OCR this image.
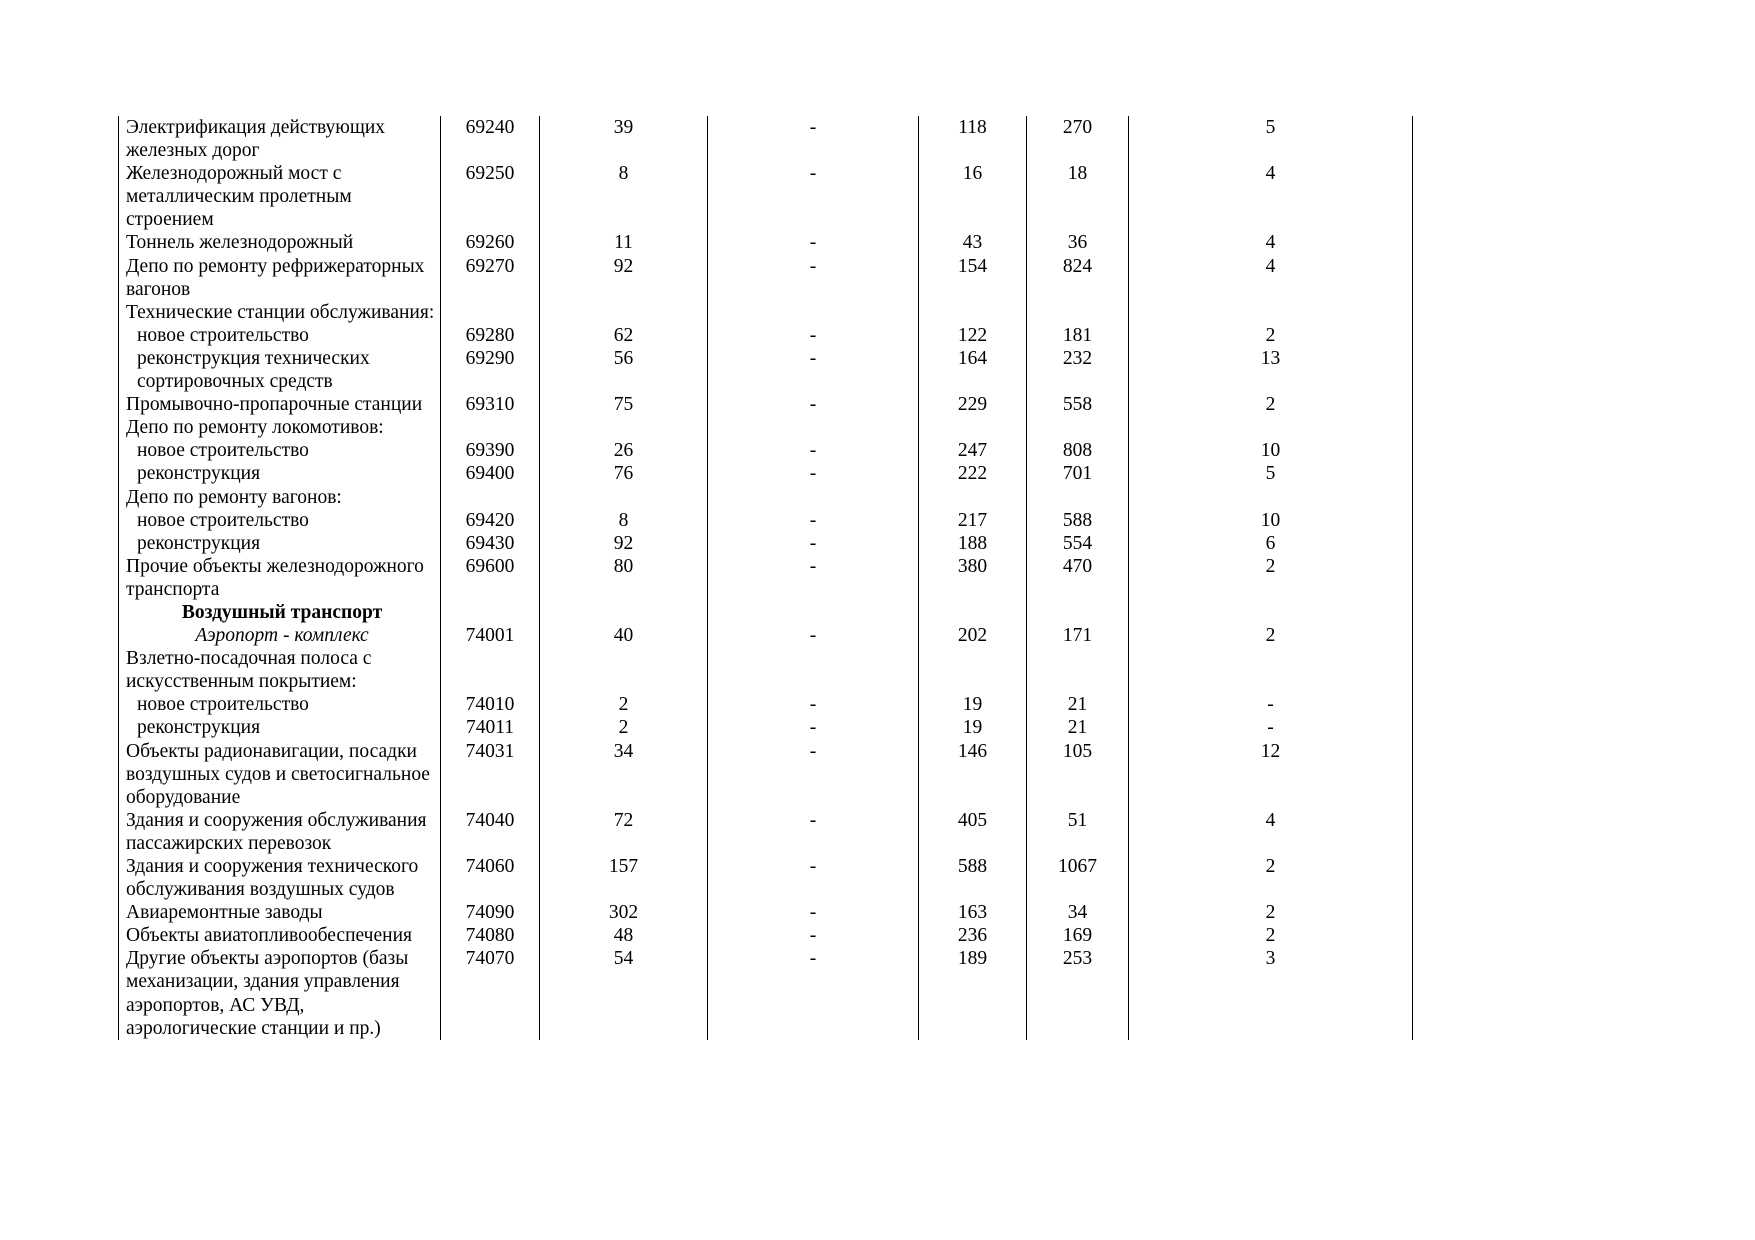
Электрификация действующих железных дорог	69240	39	-	118	270	5
Железнодорожный мост с металлическим пролетным строением	69250	8	-	16	18	4
Тоннель железнодорожный	69260	11	-	43	36	4
Депо по ремонту рефрижераторных вагонов	69270	92	-	154	824	4
Технические станции обслуживания:						
новое строительство	69280	62	-	122	181	2
реконструкция технических сортировочных средств	69290	56	-	164	232	13
Промывочно-пропарочные станции	69310	75	-	229	558	2
Депо по ремонту локомотивов:						
новое строительство	69390	26	-	247	808	10
реконструкция	69400	76	-	222	701	5
Депо по ремонту вагонов:						
новое строительство	69420	8	-	217	588	10
реконструкция	69430	92	-	188	554	6
Прочие объекты железнодорожного транспорта	69600	80	-	380	470	2
Воздушный транспорт						
Аэропорт - комплекс	74001	40	-	202	171	2
Взлетно-посадочная полоса с искусственным покрытием:						
новое строительство	74010	2	-	19	21	-
реконструкция	74011	2	-	19	21	-
Объекты радионавигации, посадки воздушных судов и светосигнальное оборудование	74031	34	-	146	105	12
Здания и сооружения обслуживания пассажирских перевозок	74040	72	-	405	51	4
Здания и сооружения технического обслуживания воздушных судов	74060	157	-	588	1067	2
Авиаремонтные заводы	74090	302	-	163	34	2
Объекты авиатопливообеспечения	74080	48	-	236	169	2
Другие объекты аэропортов (базы механизации, здания управления аэропортов, АС УВД, аэрологические станции и пр.)	74070	54	-	189	253	3
